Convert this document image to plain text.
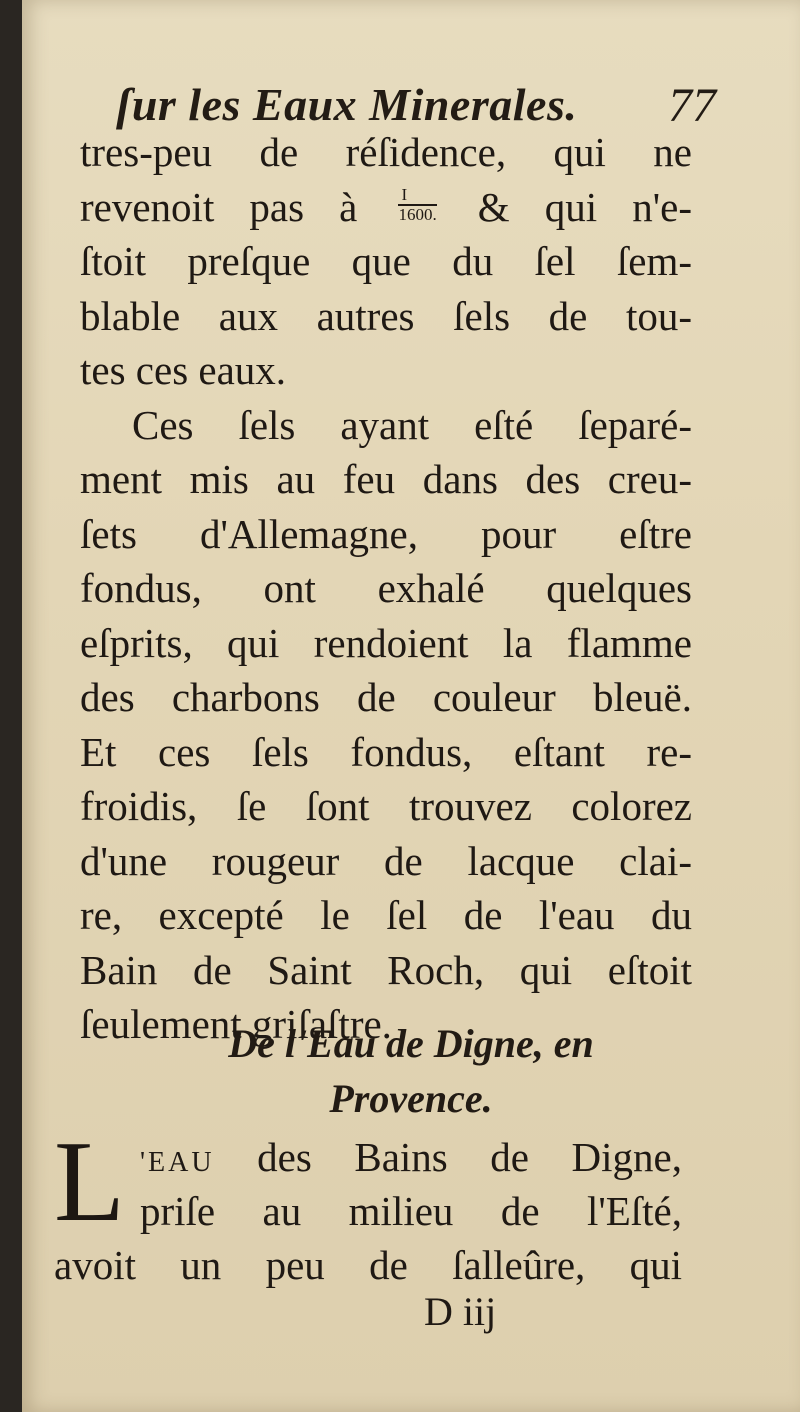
ſur les Eaux Minerales. 77
tres-peu de réſidence, qui ne
revenoit pas à $\frac{I}{1600.}$ & qui n'e-
ſtoit preſque que du ſel ſem-
blable aux autres ſels de tou-
tes ces eaux.
Ces ſels ayant eſté ſeparé-
ment mis au feu dans des creu-
ſets d'Allemagne, pour eſtre
fondus, ont exhalé quelques
eſprits, qui rendoient la flamme
des charbons de couleur bleuë.
Et ces ſels fondus, eſtant re-
froidis, ſe ſont trouvez colorez
d'une rougeur de lacque clai-
re, excepté le ſel de l'eau du
Bain de Saint Roch, qui eſtoit
ſeulement griſaſtre.
De l'Eau de Digne, en
Provence.
L 'EAU des Bains de Digne,
priſe au milieu de l'Eſté,
avoit un peu de ſalleûre, qui
D iij
